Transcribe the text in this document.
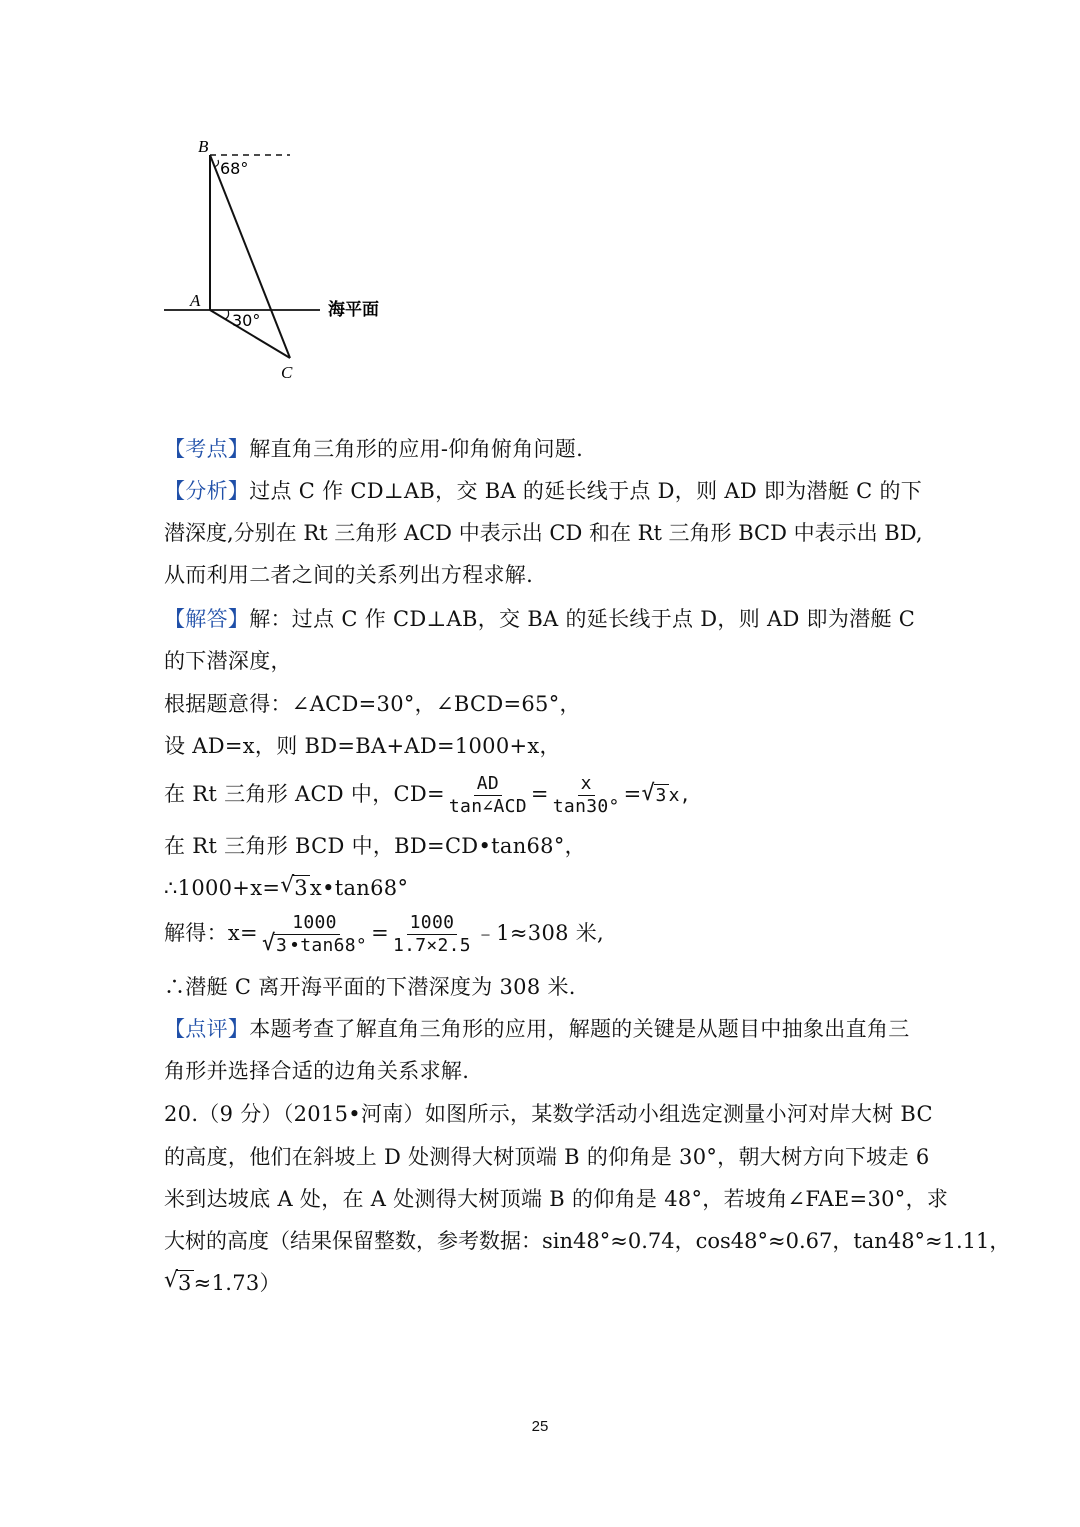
B
68°
A
30°
C
海平面
【考点】解直角三角形的应用-仰角俯角问题.
【分析】过点 C 作 CD⊥AB，交 BA 的延长线于点 D，则 AD 即为潜艇 C 的下
潜深度,分别在 Rt 三角形 ACD 中表示出 CD 和在 Rt 三角形 BCD 中表示出 BD,
从而利用二者之间的关系列出方程求解.
【解答】解：过点 C 作 CD⊥AB，交 BA 的延长线于点 D，则 AD 即为潜艇 C
的下潜深度，
根据题意得：∠ACD=30°，∠BCD=65°，
设 AD=x，则 BD=BA+AD=1000+x，
在 Rt 三角形 ACD 中，$CD= \frac{AD}{\text{tan∠ACD}} = \frac{x}{\tan 30^\circ}$ = √ 3 x,
在 Rt 三角形 BCD 中，BD=CD•tan68°，
∴1000+x= √ 3x•tan68°
解得：x= 1000
√ 3 •tan68° = $\frac{1000}{1.7\times 2.5}$ ﹣1≈308 米,
∴潜艇 C 离开海平面的下潜深度为 308 米.
【点评】本题考查了解直角三角形的应用，解题的关键是从题目中抽象出直角三
角形并选择合适的边角关系求解.
20.（9 分）（2015•河南）如图所示，某数学活动小组选定测量小河对岸大树 BC
的高度，他们在斜坡上 D 处测得大树顶端 B 的仰角是 30°，朝大树方向下坡走 6
米到达坡底 A 处，在 A 处测得大树顶端 B 的仰角是 48°，若坡角∠FAE=30°，求
大树的高度（结果保留整数，参考数据：sin48°≈0.74，cos48°≈0.67，tan48°≈1.11，
√ 3≈1.73）
25
